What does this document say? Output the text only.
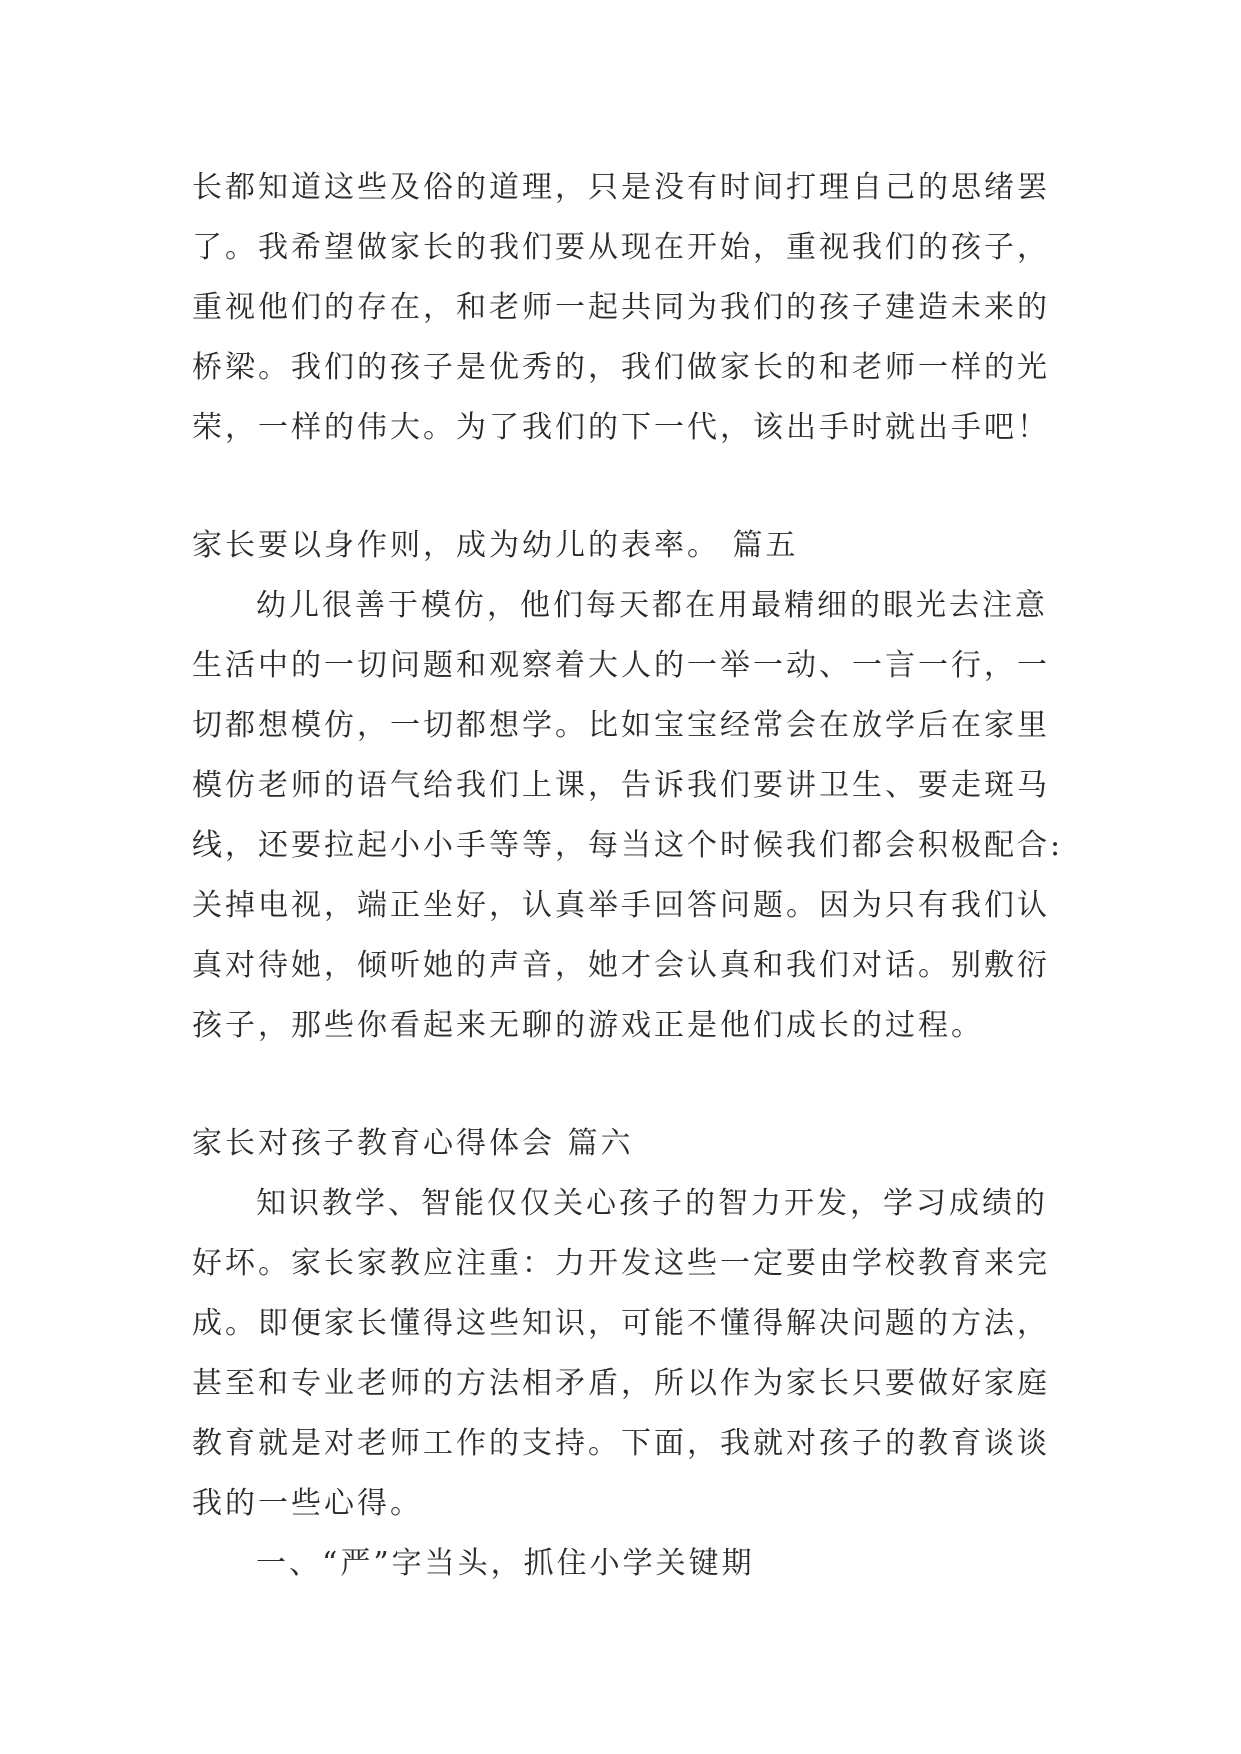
长都知道这些及俗的道理，只是没有时间打理自己的思绪罢
了。我希望做家长的我们要从现在开始，重视我们的孩子，
重视他们的存在，和老师一起共同为我们的孩子建造未来的
桥梁。我们的孩子是优秀的，我们做家长的和老师一样的光
荣，一样的伟大。为了我们的下一代，该出手时就出手吧！
家长要以身作则，成为幼儿的表率。 篇五
幼儿很善于模仿，他们每天都在用最精细的眼光去注意
生活中的一切问题和观察着大人的一举一动、一言一行，一
切都想模仿，一切都想学。比如宝宝经常会在放学后在家里
模仿老师的语气给我们上课，告诉我们要讲卫生、要走斑马
线，还要拉起小小手等等，每当这个时候我们都会积极配合:
关掉电视，端正坐好，认真举手回答问题。因为只有我们认
真对待她，倾听她的声音，她才会认真和我们对话。别敷衍
孩子，那些你看起来无聊的游戏正是他们成长的过程。
家长对孩子教育心得体会 篇六
知识教学、智能仅仅关心孩子的智力开发，学习成绩的
好坏。家长家教应注重：力开发这些一定要由学校教育来完
成。即便家长懂得这些知识，可能不懂得解决问题的方法，
甚至和专业老师的方法相矛盾，所以作为家长只要做好家庭
教育就是对老师工作的支持。下面，我就对孩子的教育谈谈
我的一些心得。
一、“严”字当头，抓住小学关键期
